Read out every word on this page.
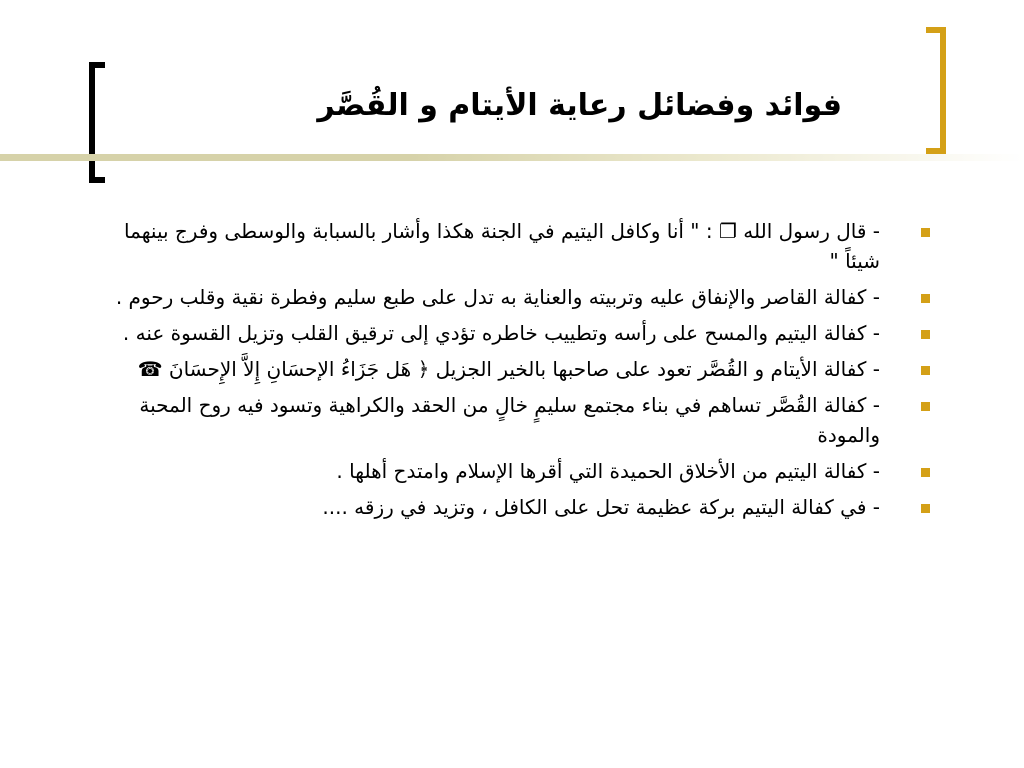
فوائد وفضائل رعاية الأيتام و القُصَّر
- قال رسول الله ❐ : " أنا وكافل اليتيم في الجنة هكذا وأشار بالسبابة والوسطى وفرج بينهما شيئاً "
- كفالة القاصر والإنفاق عليه وتربيته والعناية به تدل على طبع سليم وفطرة نقية وقلب رحوم .
- كفالة اليتيم والمسح على رأسه وتطييب خاطره تؤدي إلى ترقيق القلب وتزيل القسوة عنه .
- كفالة الأيتام و القُصَّر تعود على صاحبها بالخير الجزيل ﴿ هَل جَزَاءُ الإحسَانِ إِلاَّ الإِحسَانَ ☎
- كفالة القُصَّر تساهم في بناء مجتمع سليمٍ خالٍ من الحقد والكراهية وتسود فيه روح المحبة والمودة
- كفالة اليتيم من الأخلاق الحميدة التي أقرها الإسلام وامتدح أهلها .
- في كفالة اليتيم بركة عظيمة تحل على الكافل ، وتزيد في رزقه ....
